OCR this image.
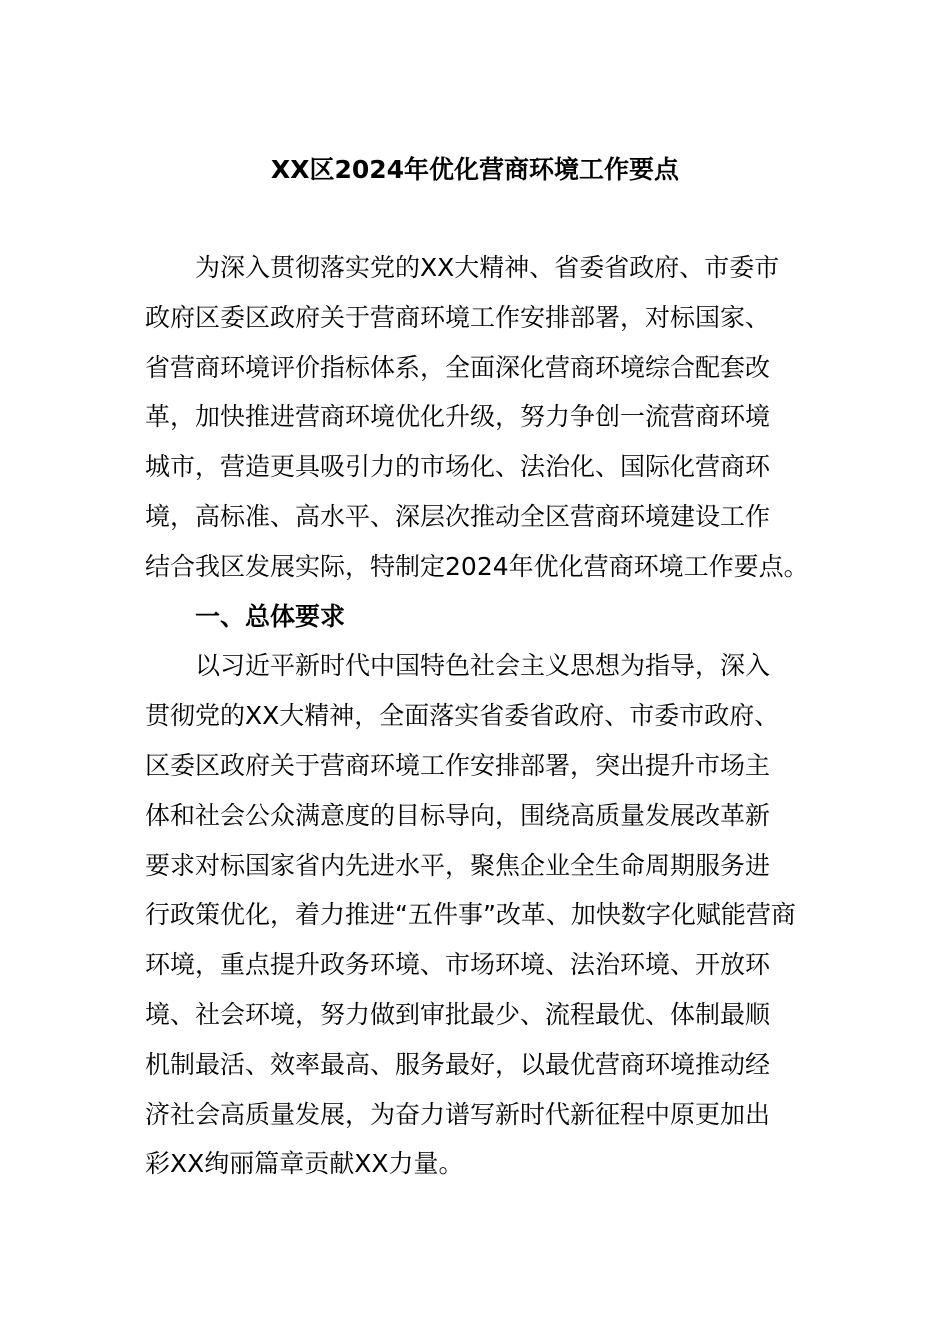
XX区2024年优化营商环境工作要点
为深入贯彻落实党的XX大精神、省委省政府、市委市
政府区委区政府关于营商环境工作安排部署，对标国家、
省营商环境评价指标体系，全面深化营商环境综合配套改
革，加快推进营商环境优化升级，努力争创一流营商环境
城市，营造更具吸引力的市场化、法治化、国际化营商环
境，高标准、高水平、深层次推动全区营商环境建设工作
结合我区发展实际，特制定2024年优化营商环境工作要点。
一、总体要求
以习近平新时代中国特色社会主义思想为指导，深入
贯彻党的XX大精神，全面落实省委省政府、市委市政府、
区委区政府关于营商环境工作安排部署，突出提升市场主
体和社会公众满意度的目标导向，围绕高质量发展改革新
要求对标国家省内先进水平，聚焦企业全生命周期服务进
行政策优化，着力推进“五件事”改革、加快数字化赋能营商
环境，重点提升政务环境、市场环境、法治环境、开放环
境、社会环境，努力做到审批最少、流程最优、体制最顺
机制最活、效率最高、服务最好，以最优营商环境推动经
济社会高质量发展，为奋力谱写新时代新征程中原更加出
彩XX绚丽篇章贡献XX力量。
